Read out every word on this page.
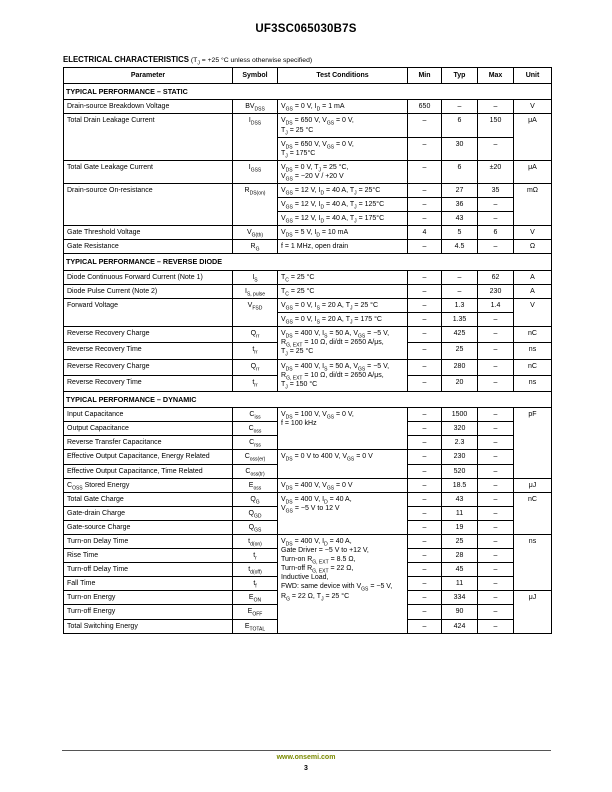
UF3SC065030B7S
ELECTRICAL CHARACTERISTICS ($T_J = +25$ °C unless otherwise specified)
Parameter	Symbol	Test Conditions	Min	Typ	Max	Unit
TYPICAL PERFORMANCE – STATIC						
Drain-source Breakdown Voltage	$BV_{DSS}$	$V_{GS} = 0$ V, $I_D = 1$ mA	650	–	–	V
Total Drain Leakage Current	$I_{DSS}$	$V_{DS} = 650$ V, $V_{GS} = 0$ V,
$T_J = 25$ °C	–	6	150	μA
		$V_{DS} = 650$ V, $V_{GS} = 0$ V,
$T_J = 175^\circ C$	–	30	–	
Total Gate Leakage Current	$I_{GSS}$	$V_{DS} = 0$ V, $T_J = 25$ °C,
$V_{GS} = -20$ V / +20 V	–	6	±20	μA
Drain-source On-resistance	$R_{DS(on)}$	$V_{GS} = 12$ V, $I_D = 40$ A, $T_J = 25^\circ C$	–	27	35	mΩ
		$V_{GS} = 12$ V, $I_D = 40$ A, $T_J = 125^\circ C$	–	36	–	
		$V_{GS} = 12$ V, $I_D = 40$ A, $T_J = 175^\circ C$	–	43	–	
Gate Threshold Voltage	$V_{G(th)}$	$V_{DS} = 5$ V, $I_D = 10$ mA	4	5	6	V
Gate Resistance	$R_G$	f = 1 MHz, open drain	–	4.5	–	Ω
TYPICAL PERFORMANCE – REVERSE DIODE						
Diode Continuous Forward Current (Note 1)	$I_S$	$T_C = 25$ °C	–	–	62	A
Diode Pulse Current (Note 2)	$I_{S, pulse}$	$T_C = 25$ °C	–	–	230	A
Forward Voltage	$V_{FSD}$	$V_{GS} = 0$ V, $I_S = 20$ A, $T_J = 25$ °C	–	1.3	1.4	V
		$V_{GS} = 0$ V, $I_S = 20$ A, $T_J = 175$ °C	–	1.35	–	
Reverse Recovery Charge	$Q_{rr}$	$V_{DS} = 400$ V, $I_S = 50$ A, $V_{GS} = -5$ V,
$R_{G, EXT} = 10$ Ω, di/dt = 2650 A/μs,
$T_J = 25$ °C	–	425	–	nC
Reverse Recovery Time	$t_{rr}$		–	25	–	ns
Reverse Recovery Charge	$Q_{rr}$	$V_{DS} = 400$ V, $I_S = 50$ A, $V_{GS} = -5$ V,
$R_{G, EXT} = 10$ Ω, di/dt = 2650 A/μs,
$T_J = 150$ °C	–	280	–	nC
Reverse Recovery Time	$t_{rr}$		–	20	–	ns
TYPICAL PERFORMANCE – DYNAMIC						
Input Capacitance	$C_{iss}$	$V_{DS} = 100$ V, $V_{GS} = 0$ V,
f = 100 kHz	–	1500	–	pF
Output Capacitance	$C_{oss}$		–	320	–	
Reverse Transfer Capacitance	$C_{rss}$		–	2.3	–	
Effective Output Capacitance, Energy Related	$C_{oss(er)}$	$V_{DS} = 0$ V to 400 V, $V_{GS} = 0$ V	–	230	–	
Effective Output Capacitance, Time Related	$C_{oss(tr)}$		–	520	–	
$C_{OSS}$ Stored Energy	$E_{oss}$	$V_{DS} = 400$ V, $V_{GS} = 0$ V	–	18.5	–	μJ
Total Gate Charge	$Q_G$	$V_{DS} = 400$ V, $I_D = 40$ A,
$V_{GS} = -5$ V to 12 V	–	43	–	nC
Gate-drain Charge	$Q_{GD}$		–	11	–	
Gate-source Charge	$Q_{GS}$		–	19	–	
Turn-on Delay Time	$t_{d(on)}$	$V_{DS} = 400$ V, $I_D = 40$ A,
Gate Driver = −5 V to +12 V,
Turn-on $R_{G, EXT} = 8.5$ Ω,
Turn-off $R_{G, EXT} = 22$ Ω,
Inductive Load,
FWD: same device with $V_{GS} = -5$ V,
$R_G = 22$ Ω, $T_J = 25$ °C	–	25	–	ns
Rise Time	$t_r$		–	28	–	
Turn-off Delay Time	$t_{d(off)}$		–	45	–	
Fall Time	$t_f$		–	11	–	
Turn-on Energy	$E_{ON}$		–	334	–	μJ
Turn-off Energy	$E_{OFF}$		–	90	–	
Total Switching Energy	$E_{TOTAL}$		–	424	–	
www.onsemi.com
3
